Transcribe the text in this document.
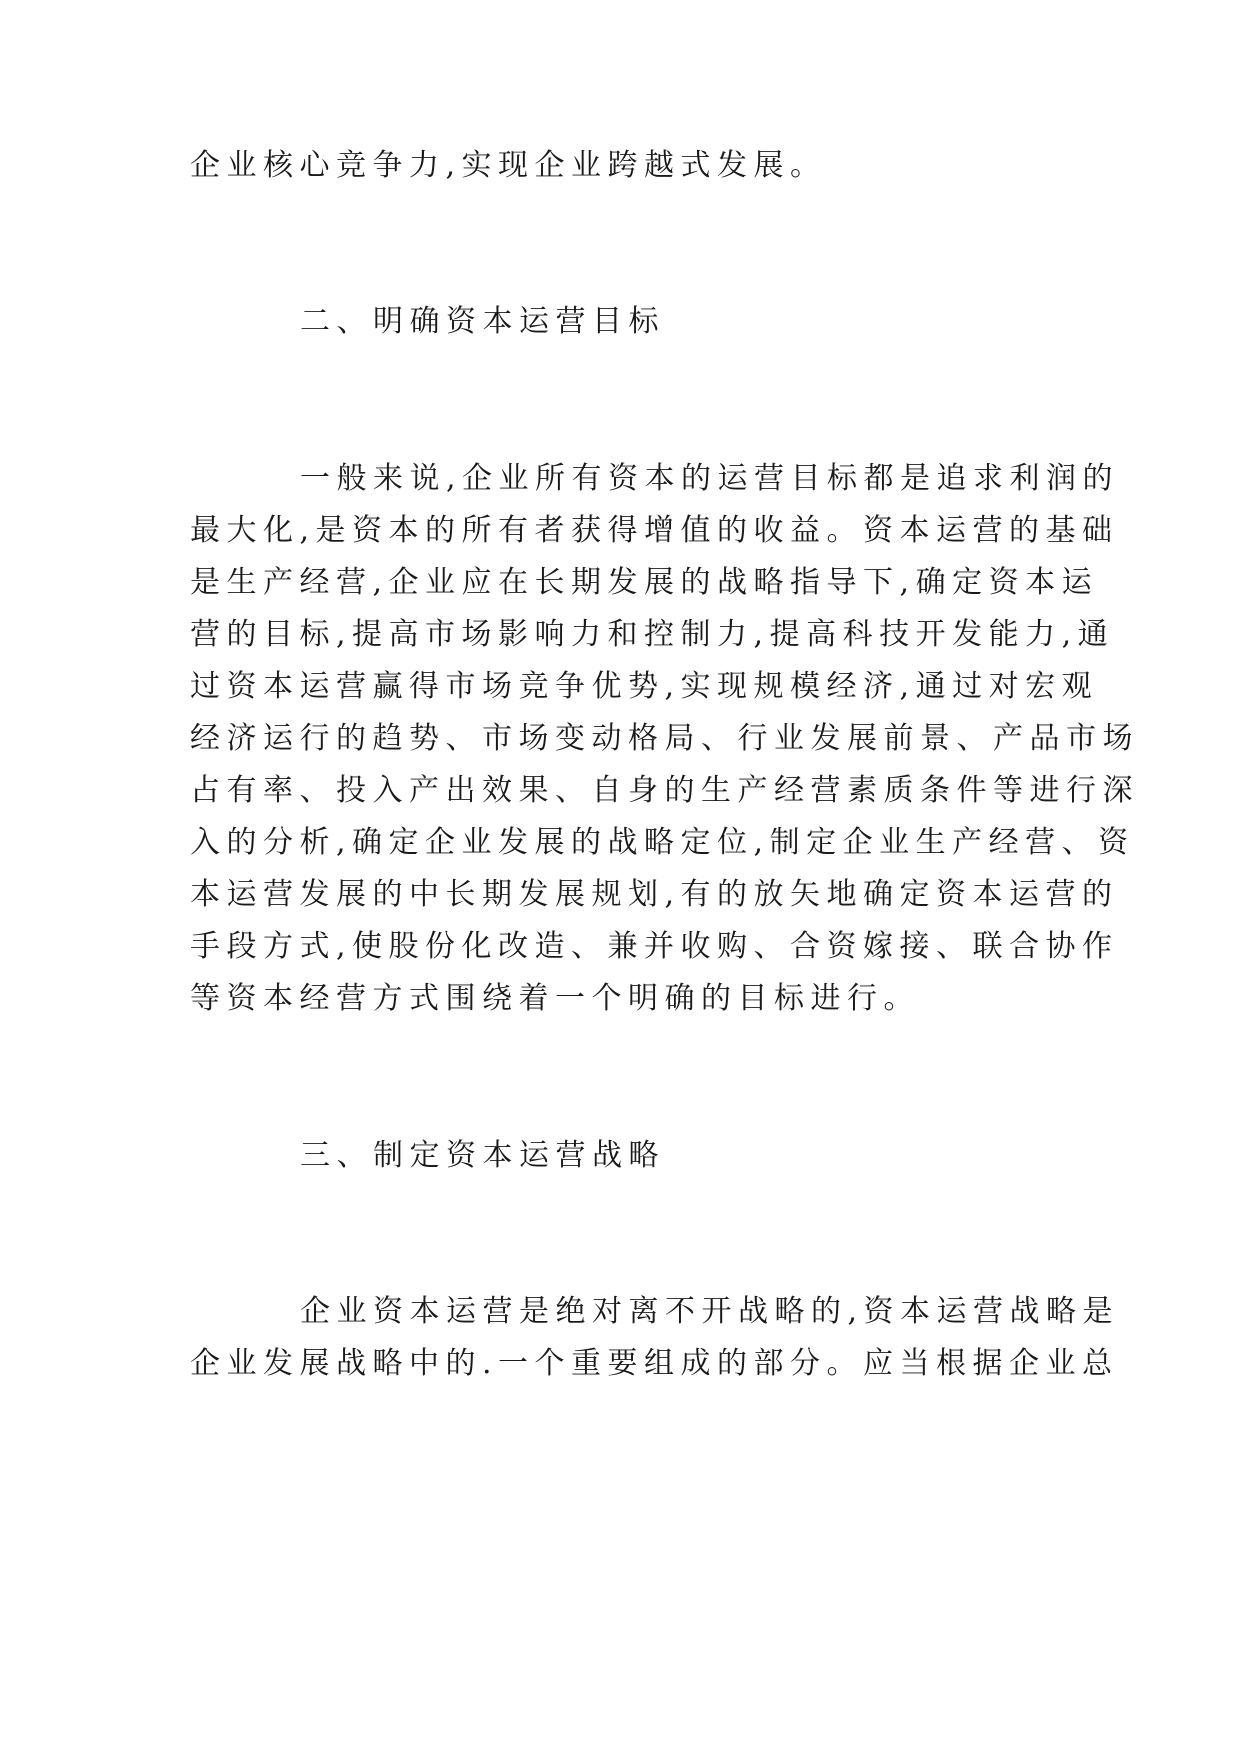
企业核心竞争力,实现企业跨越式发展。
二、明确资本运营目标
一般来说,企业所有资本的运营目标都是追求利润的
最大化,是资本的所有者获得增值的收益。资本运营的基础
是生产经营,企业应在长期发展的战略指导下,确定资本运
营的目标,提高市场影响力和控制力,提高科技开发能力,通
过资本运营赢得市场竞争优势,实现规模经济,通过对宏观
经济运行的趋势、市场变动格局、行业发展前景、产品市场
占有率、投入产出效果、自身的生产经营素质条件等进行深
入的分析,确定企业发展的战略定位,制定企业生产经营、资
本运营发展的中长期发展规划,有的放矢地确定资本运营的
手段方式,使股份化改造、兼并收购、合资嫁接、联合协作
等资本经营方式围绕着一个明确的目标进行。
三、制定资本运营战略
企业资本运营是绝对离不开战略的,资本运营战略是
企业发展战略中的.一个重要组成的部分。应当根据企业总
